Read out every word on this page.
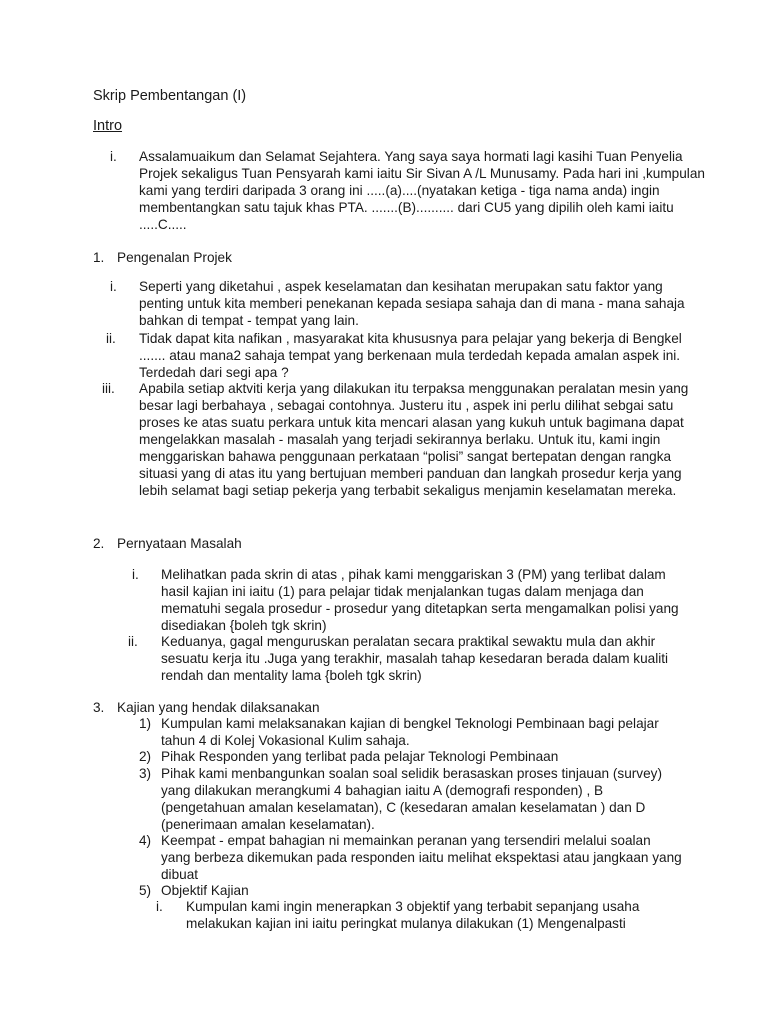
Skrip Pembentangan (I)
Intro
i. Assalamuaikum dan Selamat Sejahtera. Yang saya saya hormati lagi kasihi Tuan Penyelia Projek sekaligus Tuan Pensyarah kami iaitu Sir Sivan A /L Munusamy. Pada hari ini ,kumpulan kami yang terdiri daripada 3 orang ini .....(a)....(nyatakan ketiga - tiga nama anda) ingin membentangkan satu tajuk khas PTA. .......(B).......... dari CU5 yang dipilih oleh kami iaitu .....C.....
1. Pengenalan Projek
i. Seperti yang diketahui , aspek keselamatan dan kesihatan merupakan satu faktor yang penting untuk kita memberi penekanan kepada sesiapa sahaja dan di mana - mana sahaja bahkan di tempat - tempat yang lain.
ii. Tidak dapat kita nafikan , masyarakat kita khususnya para pelajar yang bekerja di Bengkel ....... atau mana2 sahaja tempat yang berkenaan mula terdedah kepada amalan aspek ini. Terdedah dari segi apa ?
iii. Apabila setiap aktviti kerja yang dilakukan itu terpaksa menggunakan peralatan mesin yang besar lagi berbahaya , sebagai contohnya. Justeru itu , aspek ini perlu dilihat sebgai satu proses ke atas suatu perkara untuk kita mencari alasan yang kukuh untuk bagimana dapat mengelakkan masalah - masalah yang terjadi sekirannya berlaku. Untuk itu, kami ingin menggariskan bahawa penggunaan perkataan “polisi” sangat bertepatan dengan rangka situasi yang di atas itu yang bertujuan memberi panduan dan langkah prosedur kerja yang lebih selamat bagi setiap pekerja yang terbabit sekaligus menjamin keselamatan mereka.
2. Pernyataan Masalah
i. Melihatkan pada skrin di atas , pihak kami menggariskan 3 (PM) yang terlibat dalam hasil kajian ini iaitu (1) para pelajar tidak menjalankan tugas dalam menjaga dan mematuhi segala prosedur - prosedur yang ditetapkan serta mengamalkan polisi yang disediakan {boleh tgk skrin)
ii. Keduanya, gagal menguruskan peralatan secara praktikal sewaktu mula dan akhir sesuatu kerja itu .Juga yang terakhir, masalah tahap kesedaran berada dalam kualiti rendah dan mentality lama {boleh tgk skrin)
3. Kajian yang hendak dilaksanakan
1) Kumpulan kami melaksanakan kajian di bengkel Teknologi Pembinaan bagi pelajar tahun 4 di Kolej Vokasional Kulim sahaja.
2) Pihak Responden yang terlibat pada pelajar Teknologi Pembinaan
3) Pihak kami menbangunkan soalan soal selidik berasaskan proses tinjauan (survey) yang dilakukan merangkumi 4 bahagian iaitu A (demografi responden) , B (pengetahuan amalan keselamatan), C (kesedaran amalan keselamatan ) dan D (penerimaan amalan keselamatan).
4) Keempat - empat bahagian ni memainkan peranan yang tersendiri melalui soalan yang berbeza dikemukan pada responden iaitu melihat ekspektasi atau jangkaan yang dibuat
5) Objektif Kajian
i. Kumpulan kami ingin menerapkan 3 objektif yang terbabit sepanjang usaha melakukan kajian ini iaitu peringkat mulanya dilakukan (1) Mengenalpasti
